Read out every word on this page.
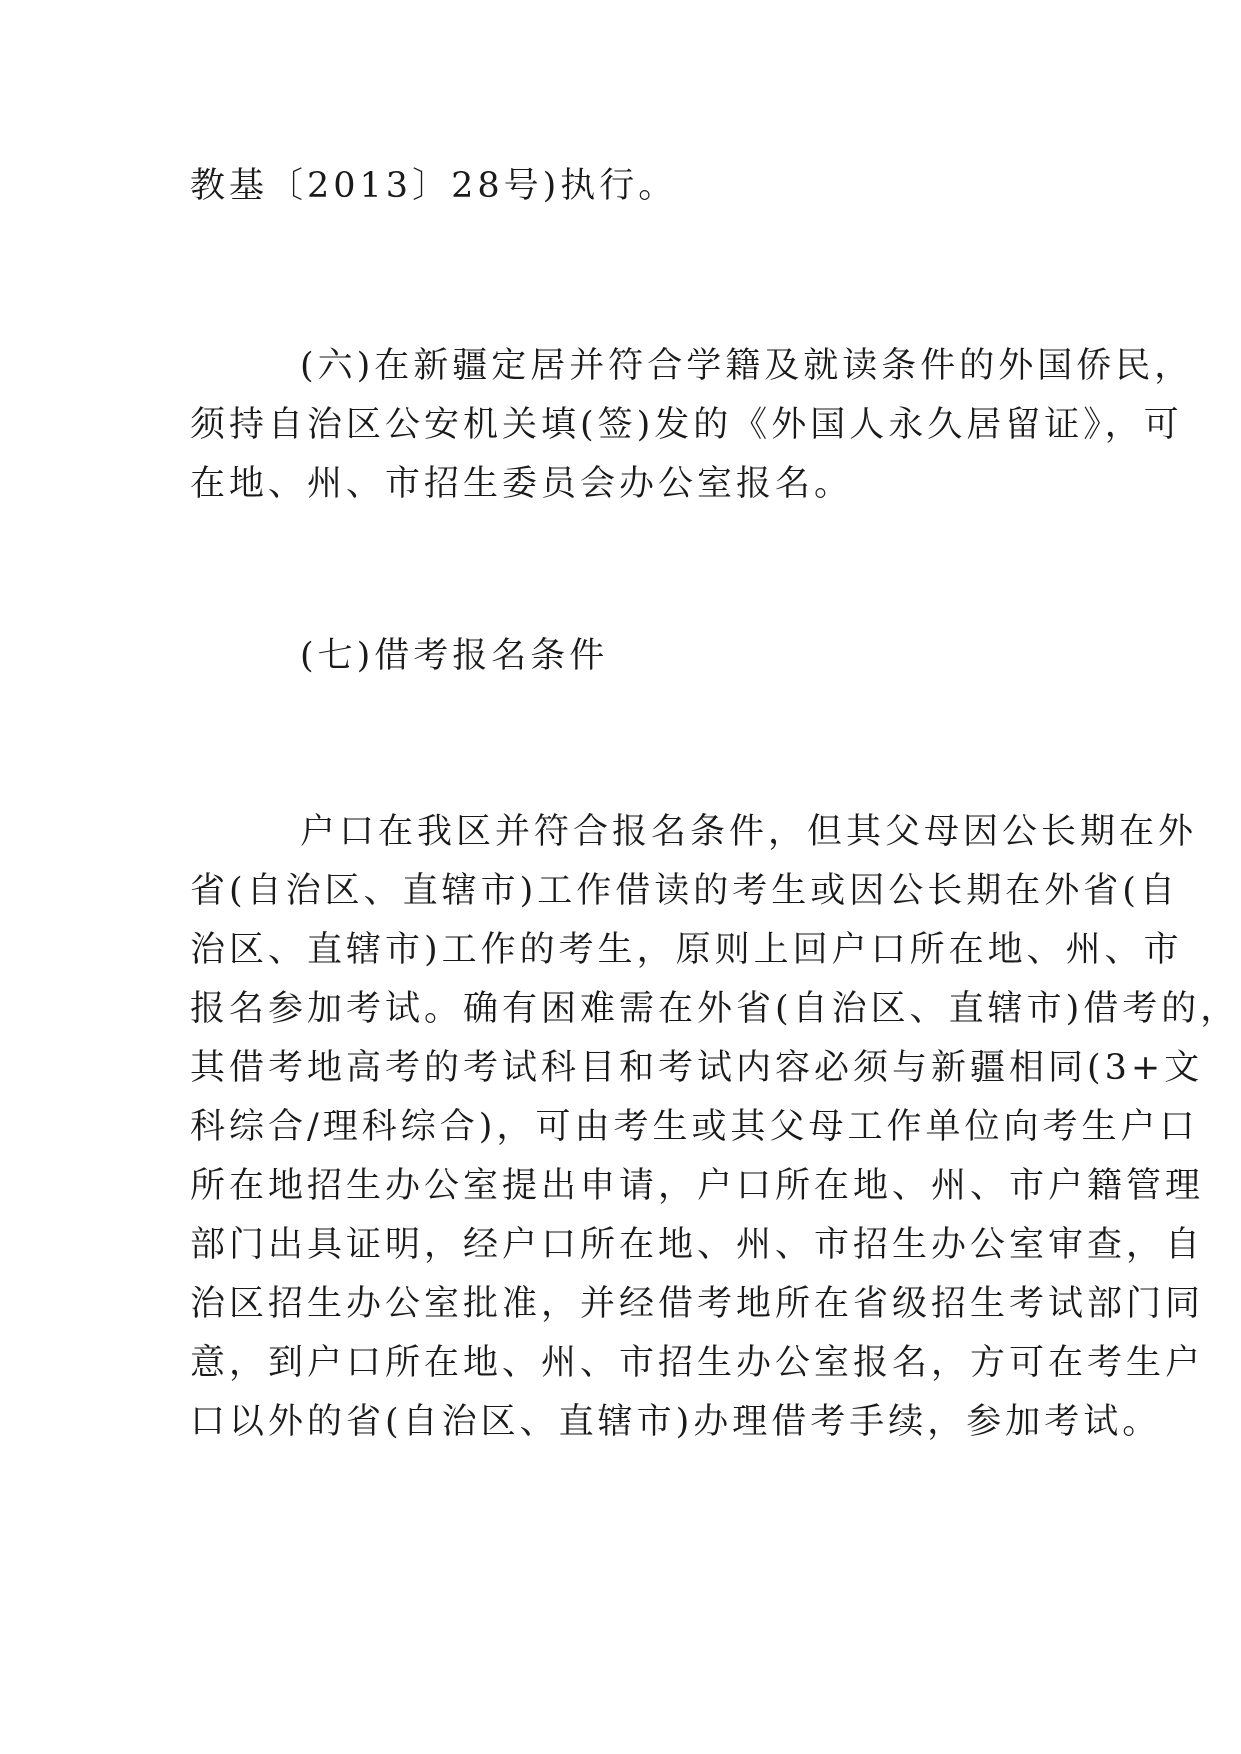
教基〔2013〕28号)执行。

(六)在新疆定居并符合学籍及就读条件的外国侨民，
须持自治区公安机关填(签)发的《外国人永久居留证》，可
在地、州、市招生委员会办公室报名。

(七)借考报名条件

户口在我区并符合报名条件，但其父母因公长期在外
省(自治区、直辖市)工作借读的考生或因公长期在外省(自
治区、直辖市)工作的考生，原则上回户口所在地、州、市
报名参加考试。确有困难需在外省(自治区、直辖市)借考的，
其借考地高考的考试科目和考试内容必须与新疆相同(3+文
科综合/理科综合)，可由考生或其父母工作单位向考生户口
所在地招生办公室提出申请，户口所在地、州、市户籍管理
部门出具证明，经户口所在地、州、市招生办公室审查，自
治区招生办公室批准，并经借考地所在省级招生考试部门同
意，到户口所在地、州、市招生办公室报名，方可在考生户
口以外的省(自治区、直辖市)办理借考手续，参加考试。
